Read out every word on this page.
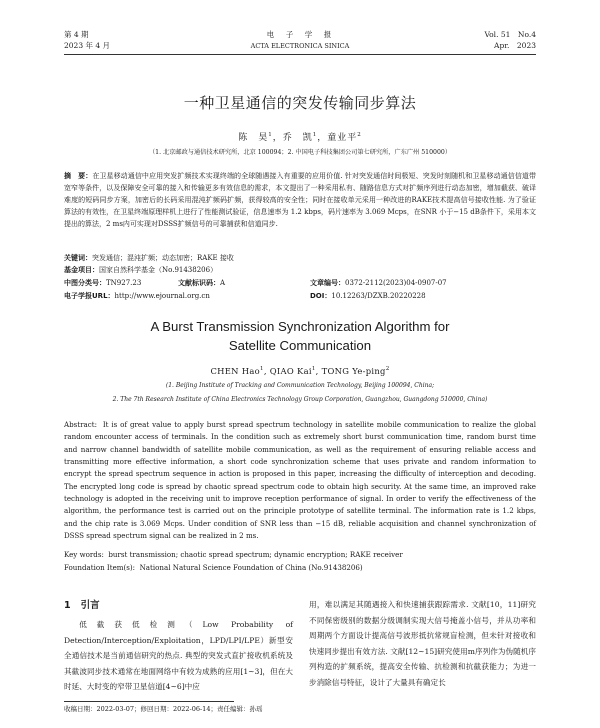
第 4 期
2023 年 4 月
电　子　学　报
ACTA ELECTRONICA SINICA
Vol. 51　No.4
Apr.　2023
一种卫星通信的突发传输同步算法
陈　昊$^1$，乔　凯$^1$，童业平$^2$
（1. 北京邮政与通信技术研究所，北京 100094；2. 中国电子科技集团公司第七研究所，广东广州 510000）
摘　要：在卫星移动通信中应用突发扩频技术实现终端的全球随遇接入有重要的应用价值. 针对突发通信时间极短、突发时刻随机和卫星移动通信信道带宽窄等条件，以及保障安全可靠的接入和传输更多有效信息的需求，本文提出了一种采用私有、随路信息方式对扩频序列进行动态加密，增加截获、破译难度的短码同步方案，加密后的长码采用混沌扩频码扩频，获得较高的安全性；同时在接收单元采用一种改进的RAKE技术提高信号接收性能. 为了验证算法的有效性，在卫星终端原理样机上进行了性能测试验证，信息速率为 1.2 kbps，码片速率为 3.069 Mcps，在SNR 小于−15 dB条件下，采用本文提出的算法，2 ms内可实现对DSSS扩频信号的可靠捕获和信道同步.
关键词：突发通信；混沌扩频；动态加密；RAKE 接收
基金项目：国家自然科学基金（No.91438206）
中图分类号：TN927.23	文献标识码：A	文章编号：0372-2112(2023)04-0907-07
电子学报URL：http://www.ejournal.org.cn	DOI：10.12263/DZXB.20220228
A Burst Transmission Synchronization Algorithm for
Satellite Communication
CHEN Hao$^1$, QIAO Kai$^1$, TONG Ye-ping$^2$
(1. Beijing Institute of Tracking and Communication Technology, Beijing 100094, China;
2. The 7th Research Institute of China Electronics Technology Group Corporation, Guangzhou, Guangdong 510000, China)
Abstract: It is of great value to apply burst spread spectrum technology in satellite mobile communication to realize the global random encounter access of terminals. In the condition such as extremely short burst communication time, random burst time and narrow channel bandwidth of satellite mobile communication, as well as the requirement of ensuring reliable access and transmitting more effective information, a short code synchronization scheme that uses private and random information to encrypt the spread spectrum sequence in action is proposed in this paper, increasing the difficulty of interception and decoding. The encrypted long code is spread by chaotic spread spectrum code to obtain high security. At the same time, an improved rake technology is adopted in the receiving unit to improve reception performance of signal. In order to verify the effectiveness of the algorithm, the performance test is carried out on the principle prototype of satellite terminal. The information rate is 1.2 kbps, and the chip rate is 3.069 Mcps. Under condition of SNR less than −15 dB, reliable acquisition and channel synchronization of DSSS spread spectrum signal can be realized in 2 ms.
Key words: burst transmission; chaotic spread spectrum; dynamic encryption; RAKE receiver
Foundation Item(s): National Natural Science Foundation of China (No.91438206)
1 引言
低截获低检测（Low Probability of Detection/Interception/Exploitation，LPD/LPI/LPE）新型安全通信技术是当前通信研究的热点. 典型的突发式直扩接收机系统及其截波同步技术通常在地面网络中有较为成熟的应用[1~3]，但在大时延、大时变的窄带卫星信道[4~6]中应
用，难以满足其随遇接入和快速捕获跟踪需求. 文献[10，11]研究不同保密级别的数据分级调制实现大信号掩盖小信号，并从功率和周期两个方面设计提高信号波形抵抗常规盲检测，但未针对接收和快速同步提出有效方法. 文献[12~15]研究使用m序列作为伪随机序列构造的扩频系统，提高安全传输、抗检测和抗截获能力；为进一步消除信号特征，设计了大量具有确定长
收稿日期：2022-03-07；修回日期：2022-06-14；责任编辑：孙瑶
